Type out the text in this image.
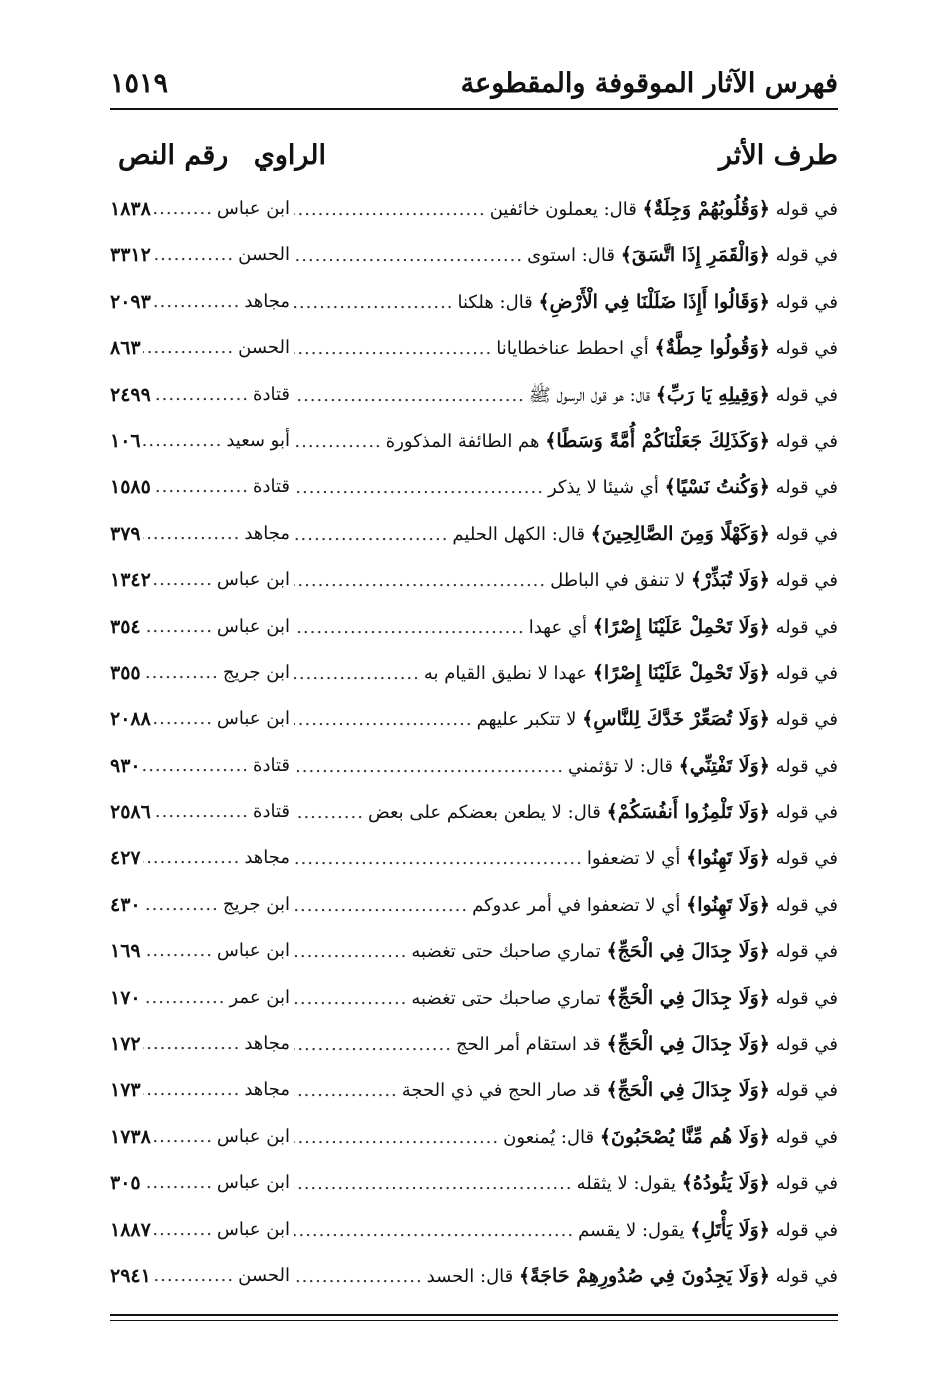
فهرس الآثار الموقوفة والمقطوعة
١٥١٩
طرف الأثر
الراوي
رقم النص
في قوله

﴿وَقُلُوبُهُمْ وَجِلَةٌ﴾

قال: يعملون خائفين
.....
ابن عباس
.....
١٨٣٨
في قوله

﴿وَالْقَمَرِ إِذَا اتَّسَقَ﴾

قال: استوى
.....
الحسن
.....
٣٣١٢
في قوله

﴿وَقَالُوا أَإِذَا ضَلَلْنَا فِي الْأَرْضِ﴾

قال: هلكنا
.....
مجاهد
.....
٢٠٩٣
في قوله

﴿وَقُولُوا حِطَّةٌ﴾

أي احطط عناخطايانا
.....
الحسن
.....
٨٦٣
في قوله

﴿وَقِيلِهِ يَا رَبِّ﴾

قال: هو قول الرسول ﷺ
.....
قتادة
.....
٢٤٩٩
في قوله

﴿وَكَذَلِكَ جَعَلْنَاكُمْ أُمَّةً وَسَطًا﴾

هم الطائفة المذكورة
.....
أبو سعيد
.....
١٠٦
في قوله

﴿وَكُنتُ نَسْيًا﴾

أي شيئا لا يذكر
.....
قتادة
.....
١٥٨٥
في قوله

﴿وَكَهْلًا وَمِنَ الصَّالِحِينَ﴾

قال: الكهل الحليم
.....
مجاهد
.....
٣٧٩
في قوله

﴿وَلَا تُبَذِّرْ﴾

لا تنفق في الباطل
.....
ابن عباس
.....
١٣٤٢
في قوله

﴿وَلَا تَحْمِلْ عَلَيْنَا إِصْرًا﴾

أي عهدا
.....
ابن عباس
.....
٣٥٤
في قوله

﴿وَلَا تَحْمِلْ عَلَيْنَا إِصْرًا﴾

عهدا لا نطيق القيام به
.....
ابن جريج
.....
٣٥٥
في قوله

﴿وَلَا تُصَعِّرْ خَدَّكَ لِلنَّاسِ﴾

لا تتكبر عليهم
.....
ابن عباس
.....
٢٠٨٨
في قوله

﴿وَلَا تَفْتِنِّي﴾

قال: لا تؤثمني
.....
قتادة
.....
٩٣٠
في قوله

﴿وَلَا تَلْمِزُوا أَنفُسَكُمْ﴾

قال: لا يطعن بعضكم على بعض
.....
قتادة
.....
٢٥٨٦
في قوله

﴿وَلَا تَهِنُوا﴾

أي لا تضعفوا
.....
مجاهد
.....
٤٢٧
في قوله

﴿وَلَا تَهِنُوا﴾

أي لا تضعفوا في أمر عدوكم
.....
ابن جريج
.....
٤٣٠
في قوله

﴿وَلَا جِدَالَ فِي الْحَجِّ﴾

تماري صاحبك حتى تغضبه
.....
ابن عباس
.....
١٦٩
في قوله

﴿وَلَا جِدَالَ فِي الْحَجِّ﴾

تماري صاحبك حتى تغضبه
.....
ابن عمر
.....
١٧٠
في قوله

﴿وَلَا جِدَالَ فِي الْحَجِّ﴾

قد استقام أمر الحج
.....
مجاهد
.....
١٧٢
في قوله

﴿وَلَا جِدَالَ فِي الْحَجِّ﴾

قد صار الحج في ذي الحجة
.....
مجاهد
.....
١٧٣
في قوله

﴿وَلَا هُم مِّنَّا يُصْحَبُونَ﴾

قال: يُمنعون
.....
ابن عباس
.....
١٧٣٨
في قوله

﴿وَلَا يَئُودُهُ﴾

يقول: لا يثقله
.....
ابن عباس
.....
٣٠٥
في قوله

﴿وَلَا يَأْتَلِ﴾

يقول: لا يقسم
.....
ابن عباس
.....
١٨٨٧
في قوله

﴿وَلَا يَجِدُونَ فِي صُدُورِهِمْ حَاجَةً﴾

قال: الحسد
.....
الحسن
.....
٢٩٤١
